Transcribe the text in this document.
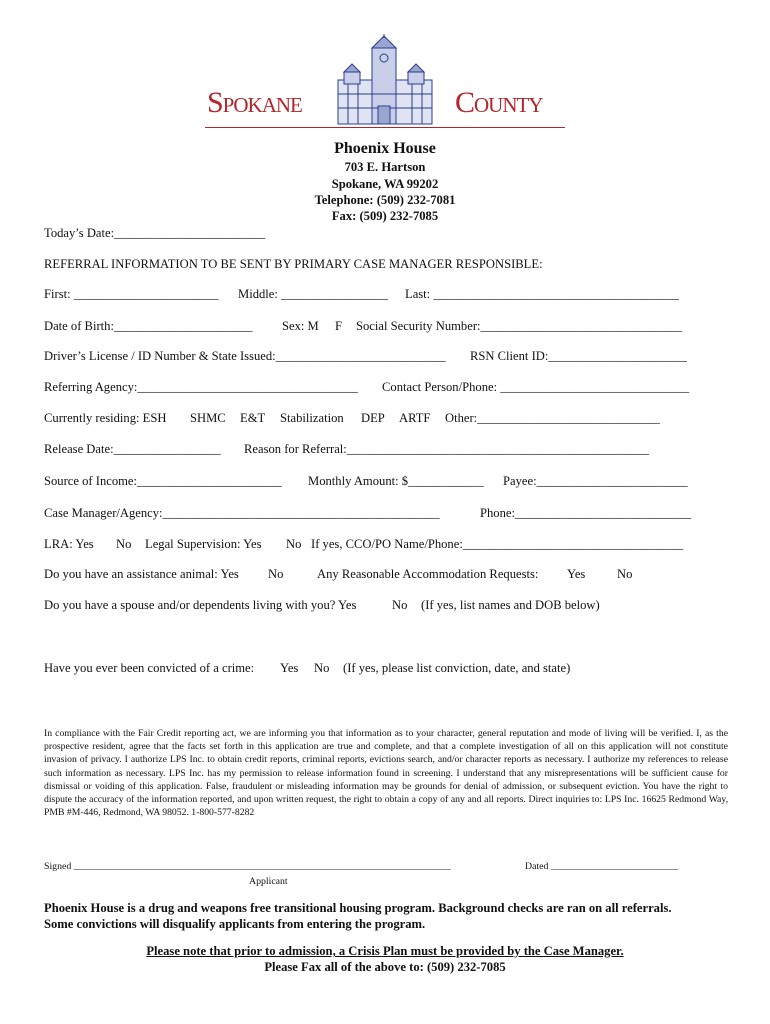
Spokane	County
Phoenix House
703 E. Hartson
Spokane, WA 99202
Telephone: (509) 232-7081
Fax: (509) 232-7085
Today’s Date:________________________
REFERRAL INFORMATION TO BE SENT BY PRIMARY CASE MANAGER RESPONSIBLE:
First: _______________________ Middle: _________________ Last: _______________________________________
Date of Birth:______________________ Sex: M F Social Security Number:________________________________
Driver’s License / ID Number & State Issued:___________________________ RSN Client ID:______________________
Referring Agency:___________________________________ Contact Person/Phone: ______________________________
Currently residing: ESH SHMC E&T Stabilization DEP ARTF Other:_____________________________
Release Date:_________________ Reason for Referral:________________________________________________
Source of Income:_______________________ Monthly Amount: $____________ Payee:________________________
Case Manager/Agency:____________________________________________	Phone:____________________________
LRA: Yes No Legal Supervision: Yes No If yes, CCO/PO Name/Phone:___________________________________
Do you have an assistance animal: Yes No	Any Reasonable Accommodation Requests: Yes	No
Do you have a spouse and/or dependents living with you? Yes	No (If yes, list names and DOB below)
Have you ever been convicted of a crime: Yes No (If yes, please list conviction, date, and state)
In compliance with the Fair Credit reporting act, we are informing you that information as to your character, general reputation and mode of living will be verified. I, as the prospective resident, agree that the facts set forth in this application are true and complete, and that a complete investigation of all on this application will not constitute invasion of privacy. I authorize LPS Inc. to obtain credit reports, criminal reports, evictions search, and/or character reports as necessary. I authorize my references to release such information as necessary. LPS Inc. has my permission to release information found in screening. I understand that any misrepresentations will be sufficient cause for dismissal or voiding of this application. False, fraudulent or misleading information may be grounds for denial of admission, or subsequent eviction. You have the right to dispute the accuracy of the information reported, and upon written request, the right to obtain a copy of any and all reports. Direct inquiries to: LPS Inc. 16625 Redmond Way, PMB #M-446, Redmond, WA 98052. 1-800-577-8282
Signed _____________________________________________________________________________	Dated __________________________
Applicant
Phoenix House is a drug and weapons free transitional housing program. Background checks are ran on all referrals.
Some convictions will disqualify applicants from entering the program.
Please note that prior to admission, a Crisis Plan must be provided by the Case Manager.
Please Fax all of the above to: (509) 232-7085
